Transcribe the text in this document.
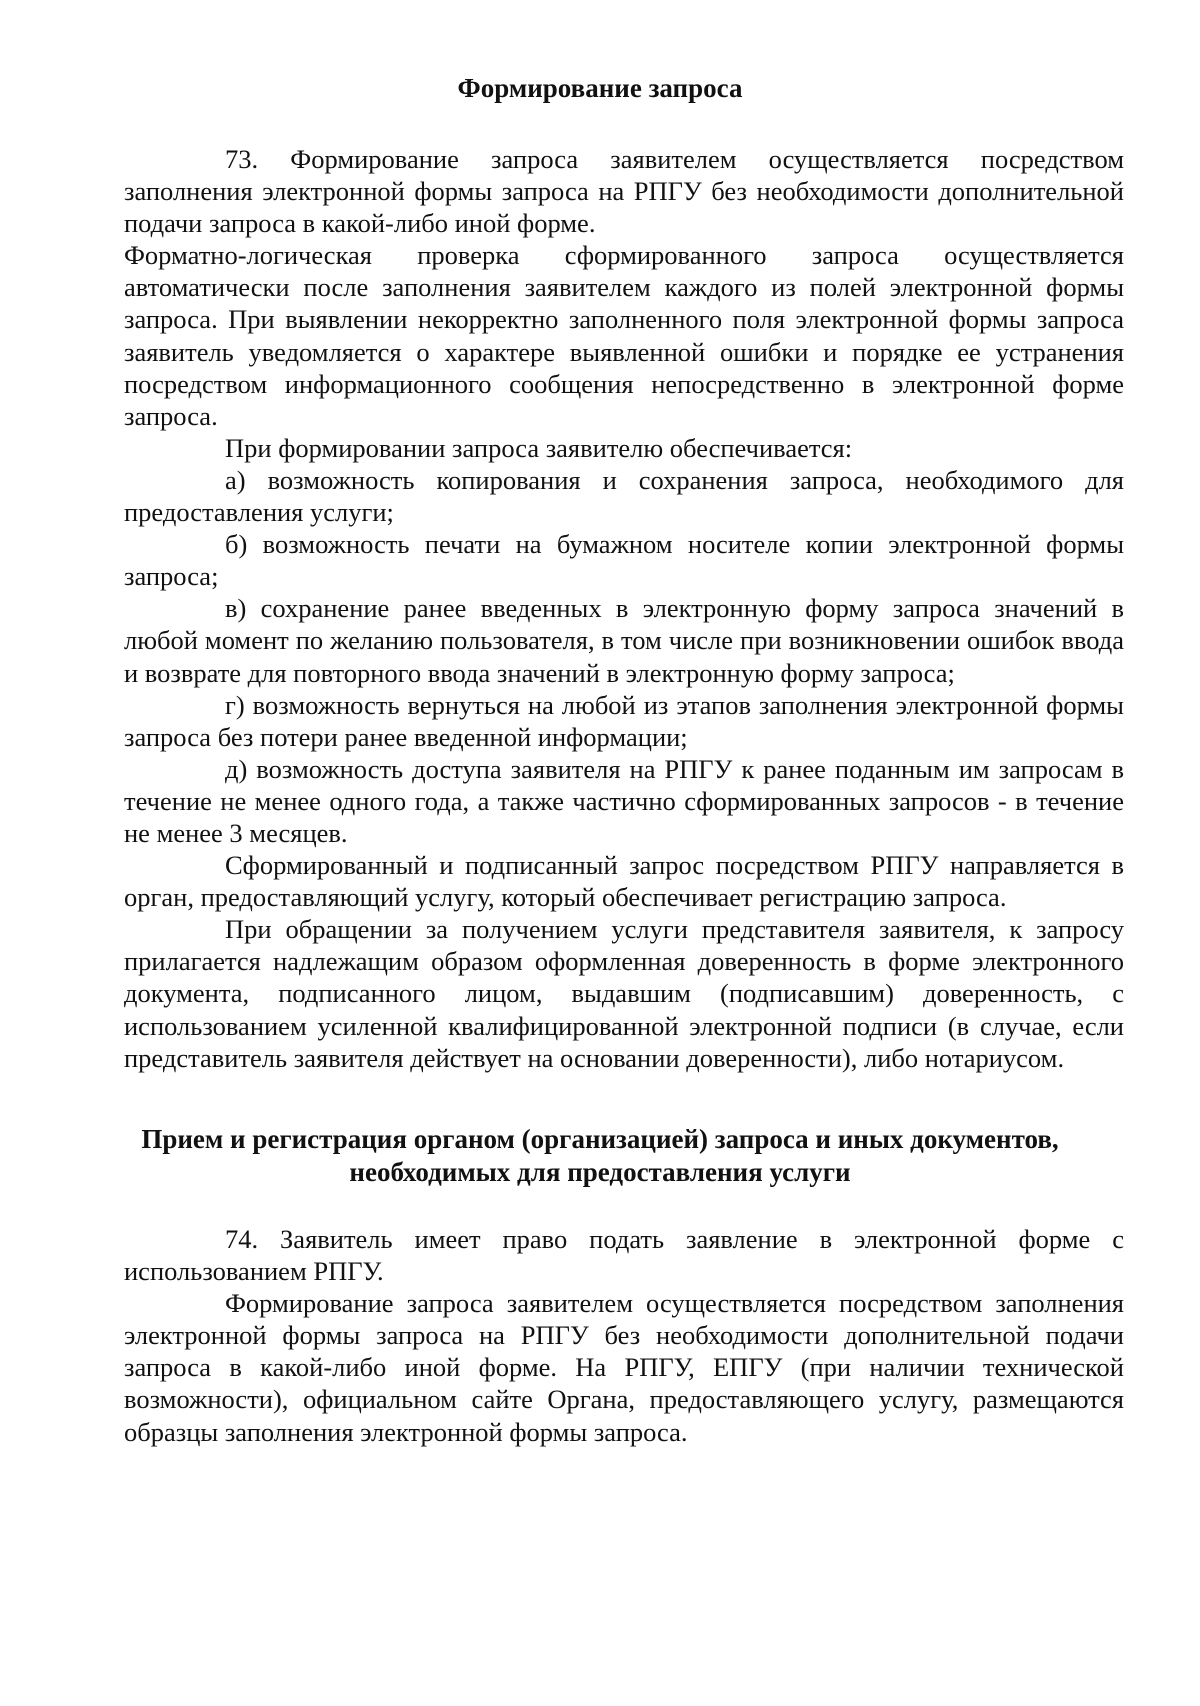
Формирование запроса

73. Формирование запроса заявителем осуществляется посредством заполнения электронной формы запроса на РПГУ без необходимости дополнительной подачи запроса в какой-либо иной форме.

Форматно-логическая проверка сформированного запроса осуществляется автоматически после заполнения заявителем каждого из полей электронной формы запроса. При выявлении некорректно заполненного поля электронной формы запроса заявитель уведомляется о характере выявленной ошибки и порядке ее устранения посредством информационного сообщения непосредственно в электронной форме запроса.

При формировании запроса заявителю обеспечивается:

а) возможность копирования и сохранения запроса, необходимого для предоставления услуги;

б) возможность печати на бумажном носителе копии электронной формы запроса;

в) сохранение ранее введенных в электронную форму запроса значений в любой момент по желанию пользователя, в том числе при возникновении ошибок ввода и возврате для повторного ввода значений в электронную форму запроса;

г) возможность вернуться на любой из этапов заполнения электронной формы запроса без потери ранее введенной информации;

д) возможность доступа заявителя на РПГУ к ранее поданным им запросам в течение не менее одного года, а также частично сформированных запросов - в течение не менее 3 месяцев.

Сформированный и подписанный запрос посредством РПГУ направляется в орган, предоставляющий услугу, который обеспечивает регистрацию запроса.

При обращении за получением услуги представителя заявителя, к запросу прилагается надлежащим образом оформленная доверенность в форме электронного документа, подписанного лицом, выдавшим (подписавшим) доверенность, с использованием усиленной квалифицированной электронной подписи (в случае, если представитель заявителя действует на основании доверенности), либо нотариусом.

Прием и регистрация органом (организацией) запроса и иных документов,
необходимых для предоставления услуги

74. Заявитель имеет право подать заявление в электронной форме с использованием РПГУ.

Формирование запроса заявителем осуществляется посредством заполнения электронной формы запроса на РПГУ без необходимости дополнительной подачи запроса в какой-либо иной форме. На РПГУ, ЕПГУ (при наличии технической возможности), официальном сайте Органа, предоставляющего услугу, размещаются образцы заполнения электронной формы запроса.
